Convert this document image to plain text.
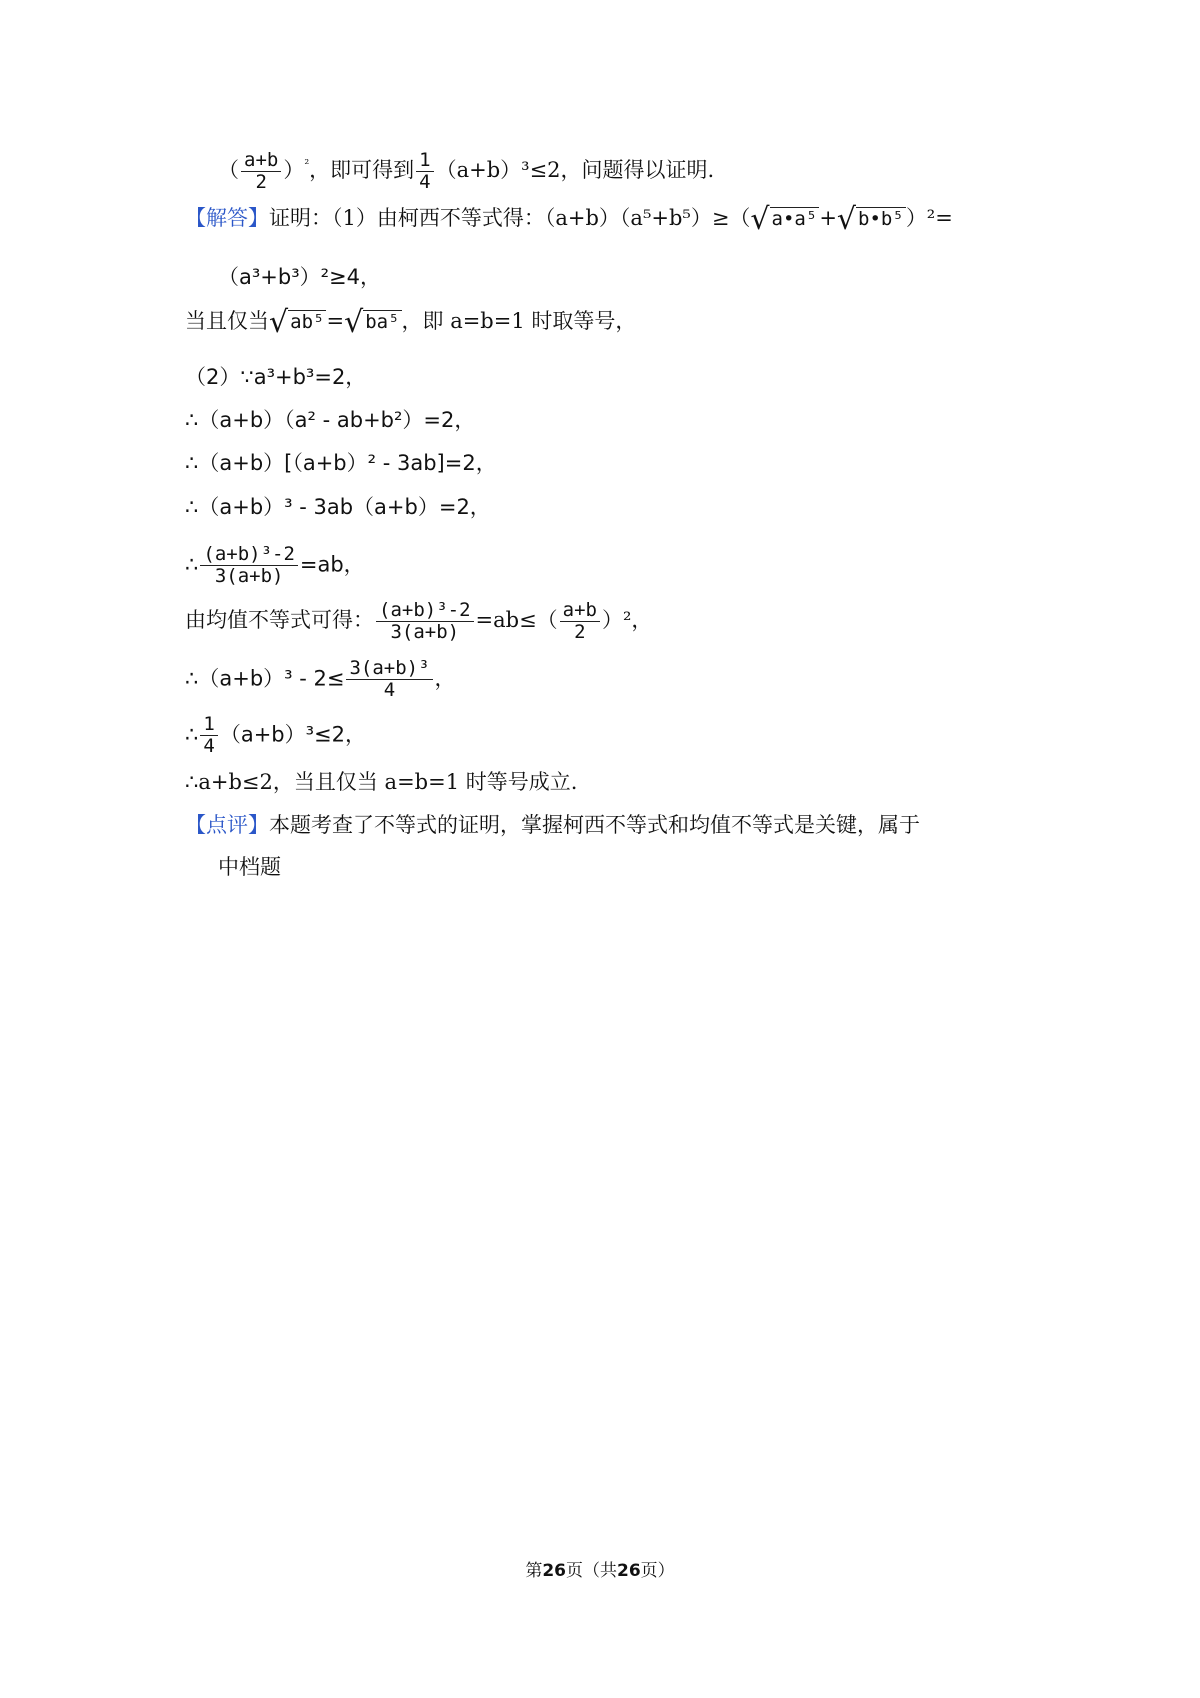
（ $\frac{a+b}{2} )^{^2}$，即可得到 $\frac{1}{4} (a+b)^3\le 2$，问题得以证明.
【解答】证明：（1）由柯西不等式得：（a+b）（a⁵+b⁵）≥（√ a•a⁵+√ b•b⁵）²=
（a³+b³）²≥4，
当且仅当√ ab⁵=√ ba⁵，即 a=b=1 时取等号，
（2）∵a³+b³=2，
∴（a+b）（a² - ab+b²）=2，
∴（a+b）[（a+b）² - 3ab]=2，
∴（a+b）³ - 3ab（a+b）=2，
∴ $\frac{\text{(a+b)³-2}}{3(a+b)} =ab$，
由均值不等式可得： $\frac{\text{(a+b)³-2}}{3(a+b)} =ab\le( \frac{a+b}{2} )^2$，
∴（a+b）³ - $2\le \frac{\text{3(a+b)³}}{4}$ ，
∴ $\frac{1}{4} (a+b)^3\le 2$，
∴a+b≤2，当且仅当 a=b=1 时等号成立.
【点评】本题考查了不等式的证明，掌握柯西不等式和均值不等式是关键，属于
中档题
第26页（共26页）
